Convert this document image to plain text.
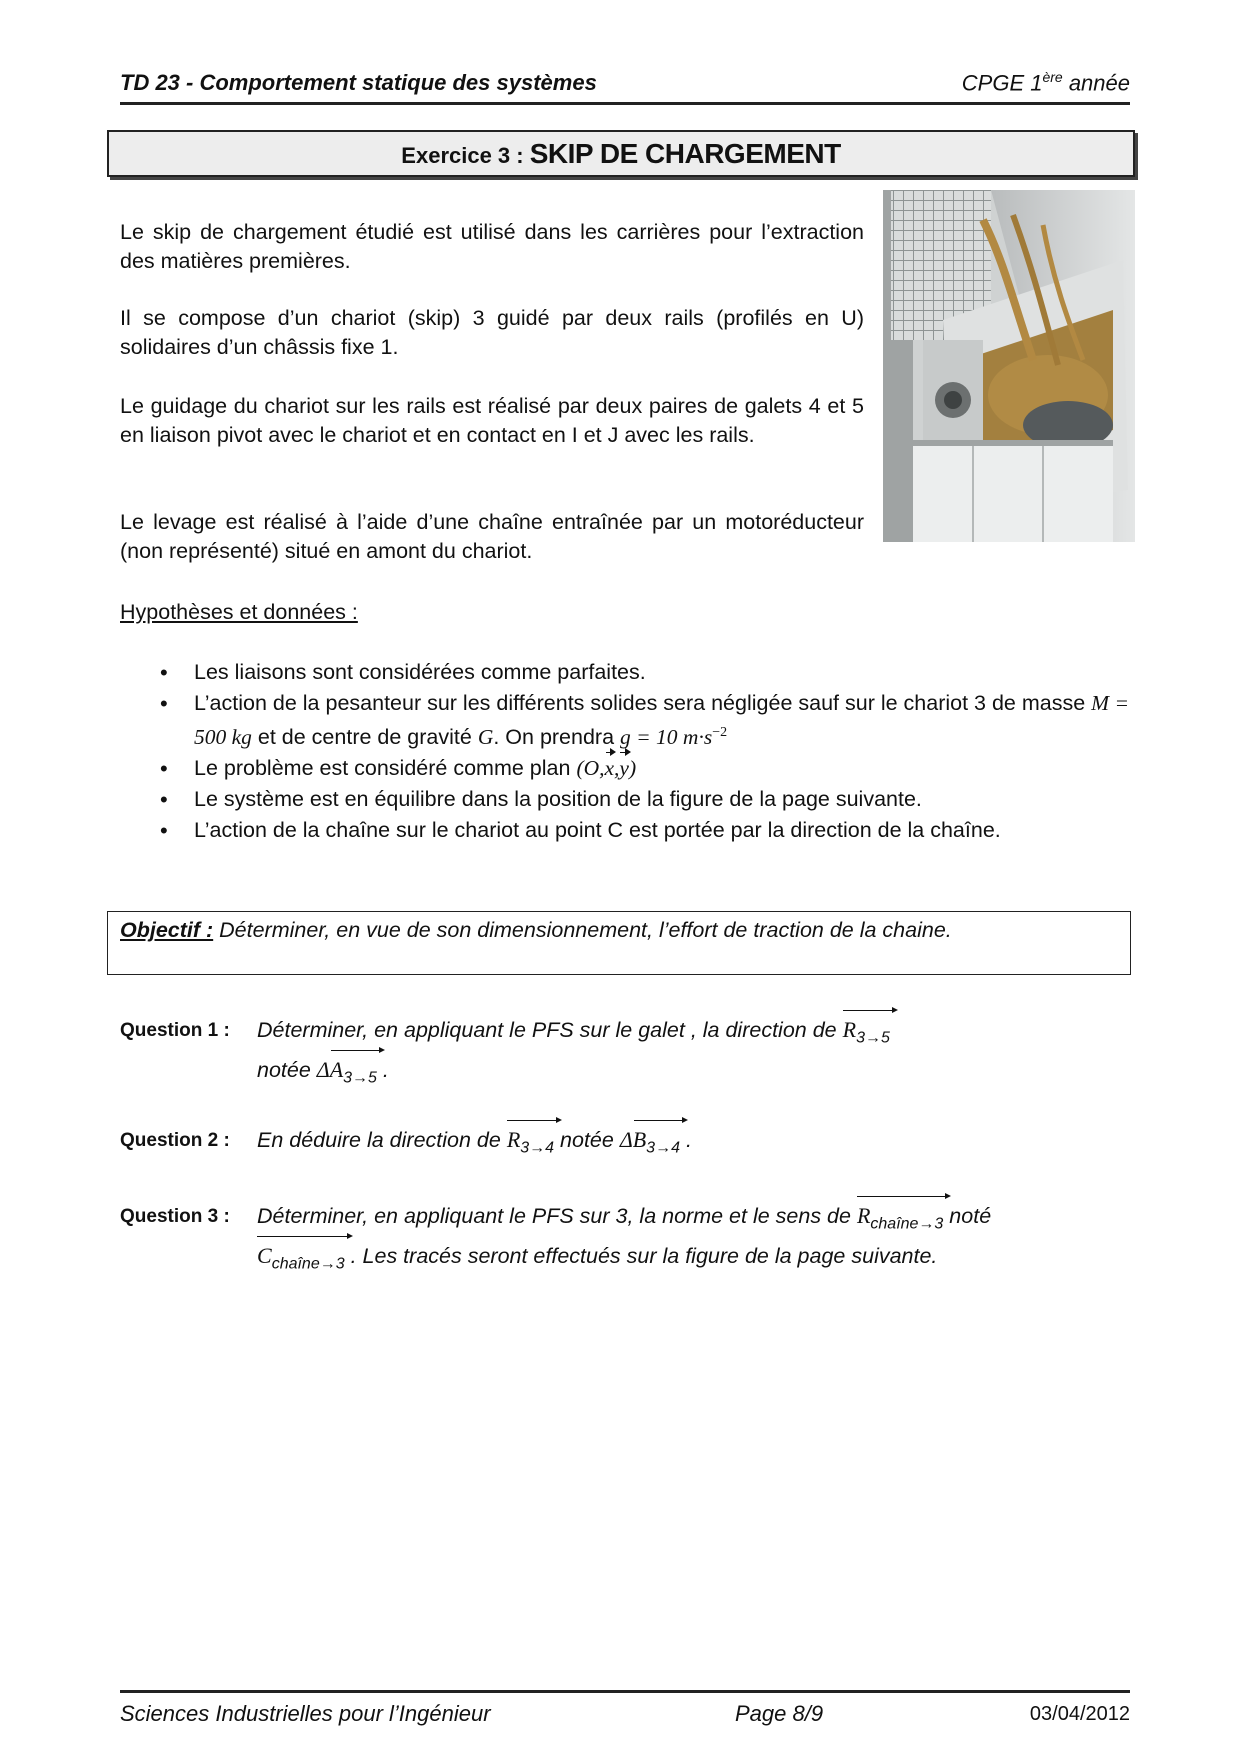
TD 23 - Comportement statique des systèmes	CPGE 1ère année
Exercice 3 : SKIP DE CHARGEMENT
Le skip de chargement étudié est utilisé dans les carrières pour l’extraction des matières premières.
Il se compose d’un chariot (skip) 3 guidé par deux rails (profilés en U) solidaires d’un châssis fixe 1.
Le guidage du chariot sur les rails est réalisé par deux paires de galets 4 et 5 en liaison pivot avec le chariot et en contact en I et J avec les rails.
Le levage est réalisé à l’aide d’une chaîne entraînée par un motoréducteur (non représenté) situé en amont du chariot.
Hypothèses et données :
• Les liaisons sont considérées comme parfaites.
• L’action de la pesanteur sur les différents solides sera négligée sauf sur le chariot 3 de masse M = 500 kg et de centre de gravité G. On prendra g = 10 $m\cdot s^{-2}$
• Le problème est considéré comme plan (O,x,y)
• Le système est en équilibre dans la position de la figure de la page suivante.
• L’action de la chaîne sur le chariot au point C est portée par la direction de la chaîne.
Objectif : Déterminer, en vue de son dimensionnement, l’effort de traction de la chaine.
Question 1 : Déterminer, en appliquant le PFS sur le galet , la direction de
$R_{3\to 5}$
notée
$\Delta A_{3\to 5}$ .
Question 2 : En déduire la direction de
$R_{3\to 4}$ notée
$\Delta B_{3\to 4}$ .
Question 3 : Déterminer, en appliquant le PFS sur 3, la norme et le sens de
$R_{chaîne\to 3}$ noté

$C_{chaîne\to 3}$ . Les tracés seront effectués sur la figure de la page suivante.
Sciences Industrielles pour l’Ingénieur	Page 8/9	03/04/2012
